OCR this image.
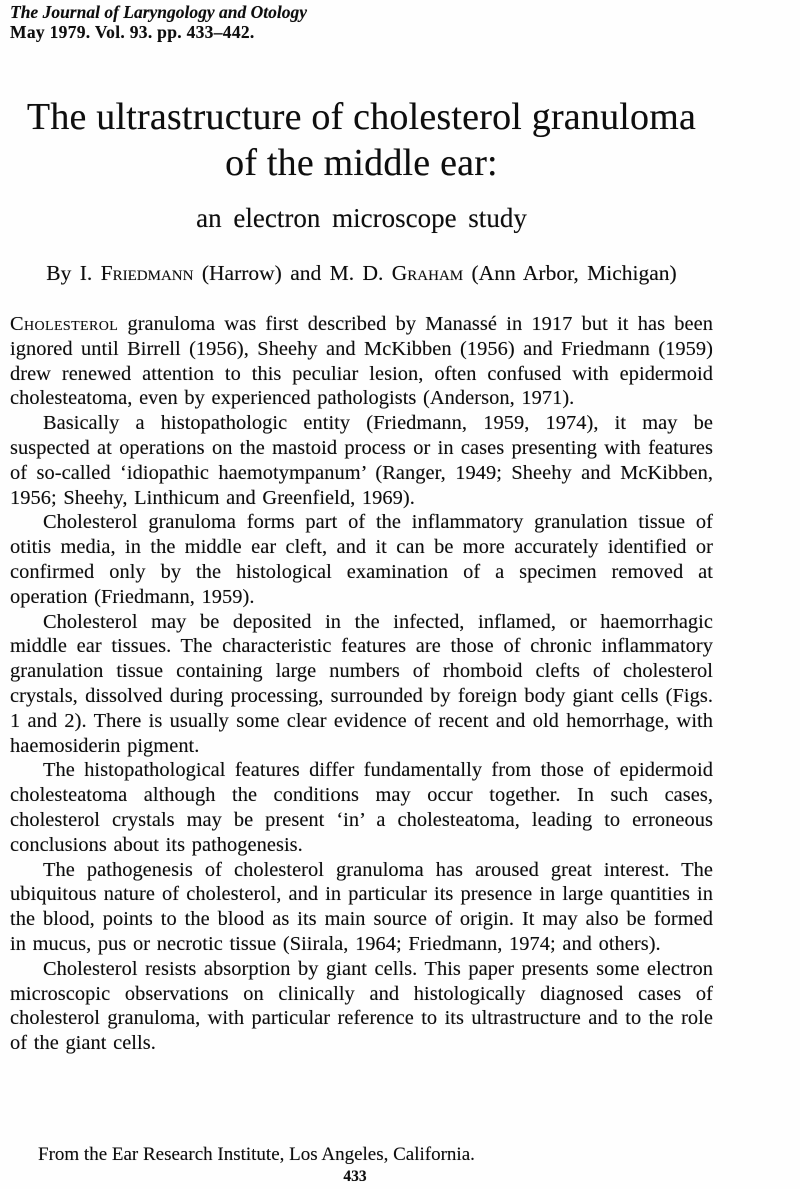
The Journal of Laryngology and Otology
May 1979. Vol. 93. pp. 433–442.
The ultrastructure of cholesterol granuloma
of the middle ear:
an electron microscope study

By I. Friedmann (Harrow) and M. D. Graham (Ann Arbor, Michigan)

Cholesterol granuloma was first described by Manassé in 1917 but it has been ignored until Birrell (1956), Sheehy and McKibben (1956) and Friedmann (1959) drew renewed attention to this peculiar lesion, often confused with epidermoid cholesteatoma, even by experienced pathologists (Anderson, 1971).

Basically a histopathologic entity (Friedmann, 1959, 1974), it may be suspected at operations on the mastoid process or in cases presenting with features of so-called ‘idiopathic haemotympanum’ (Ranger, 1949; Sheehy and McKibben, 1956; Sheehy, Linthicum and Greenfield, 1969).

Cholesterol granuloma forms part of the inflammatory granulation tissue of otitis media, in the middle ear cleft, and it can be more accurately identified or confirmed only by the histological examination of a specimen removed at operation (Friedmann, 1959).

Cholesterol may be deposited in the infected, inflamed, or haemorrhagic middle ear tissues. The characteristic features are those of chronic inflammatory granulation tissue containing large numbers of rhomboid clefts of cholesterol crystals, dissolved during processing, surrounded by foreign body giant cells (Figs. 1 and 2). There is usually some clear evidence of recent and old hemorrhage, with haemosiderin pigment.

The histopathological features differ fundamentally from those of epidermoid cholesteatoma although the conditions may occur together. In such cases, cholesterol crystals may be present ‘in’ a cholesteatoma, leading to erroneous conclusions about its pathogenesis.

The pathogenesis of cholesterol granuloma has aroused great interest. The ubiquitous nature of cholesterol, and in particular its presence in large quantities in the blood, points to the blood as its main source of origin. It may also be formed in mucus, pus or necrotic tissue (Siirala, 1964; Friedmann, 1974; and others).

Cholesterol resists absorption by giant cells. This paper presents some electron microscopic observations on clinically and histologically diagnosed cases of cholesterol granuloma, with particular reference to its ultrastructure and to the role of the giant cells.

From the Ear Research Institute, Los Angeles, California.
433
